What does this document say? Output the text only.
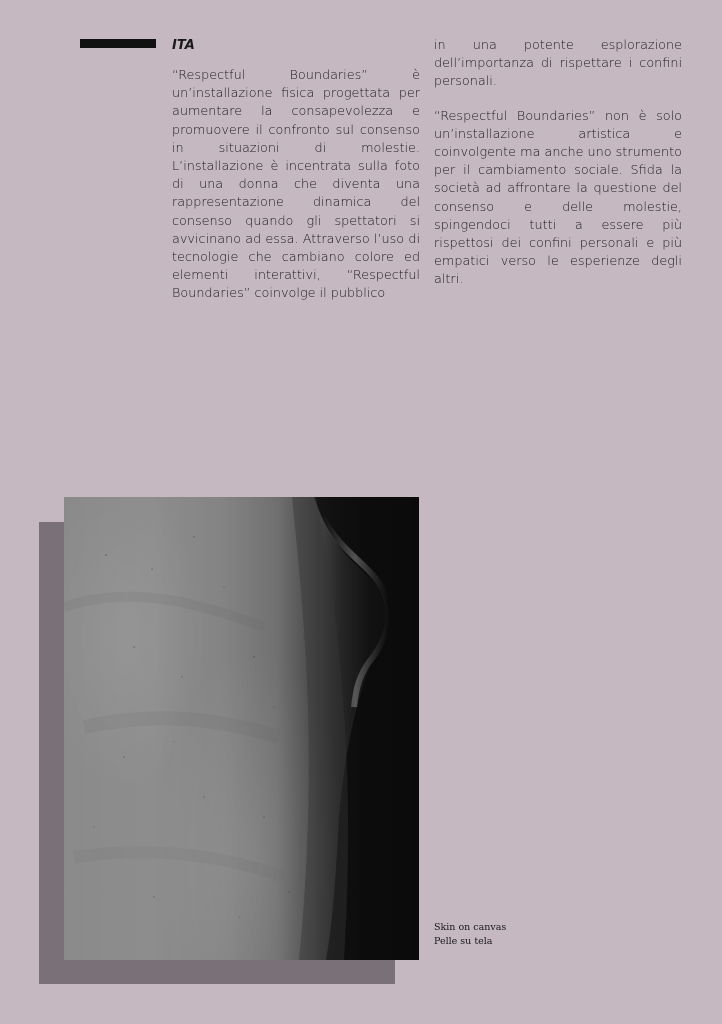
ITA

“Respectful Boundaries” è un’installazione fisica progettata per aumentare la consapevolezza e promuovere il confronto sul consenso in situazioni di molestie. L’installazione è incentrata sulla foto di una donna che diventa una rappresentazione dinamica del consenso quando gli spettatori si avvicinano ad essa. Attraverso l’uso di tecnologie che cambiano colore ed elementi interattivi, “Respectful Boundaries” coinvolge il pubblico

in una potente esplorazione dell’importanza di rispettare i confini personali.

“Respectful Boundaries” non è solo un’installazione artistica e coinvolgente ma anche uno strumento per il cambiamento sociale. Sfida la società ad affrontare la questione del consenso e delle molestie, spingendoci tutti a essere più rispettosi dei confini personali e più empatici verso le esperienze degli altri.

Skin on canvas
Pelle su tela
